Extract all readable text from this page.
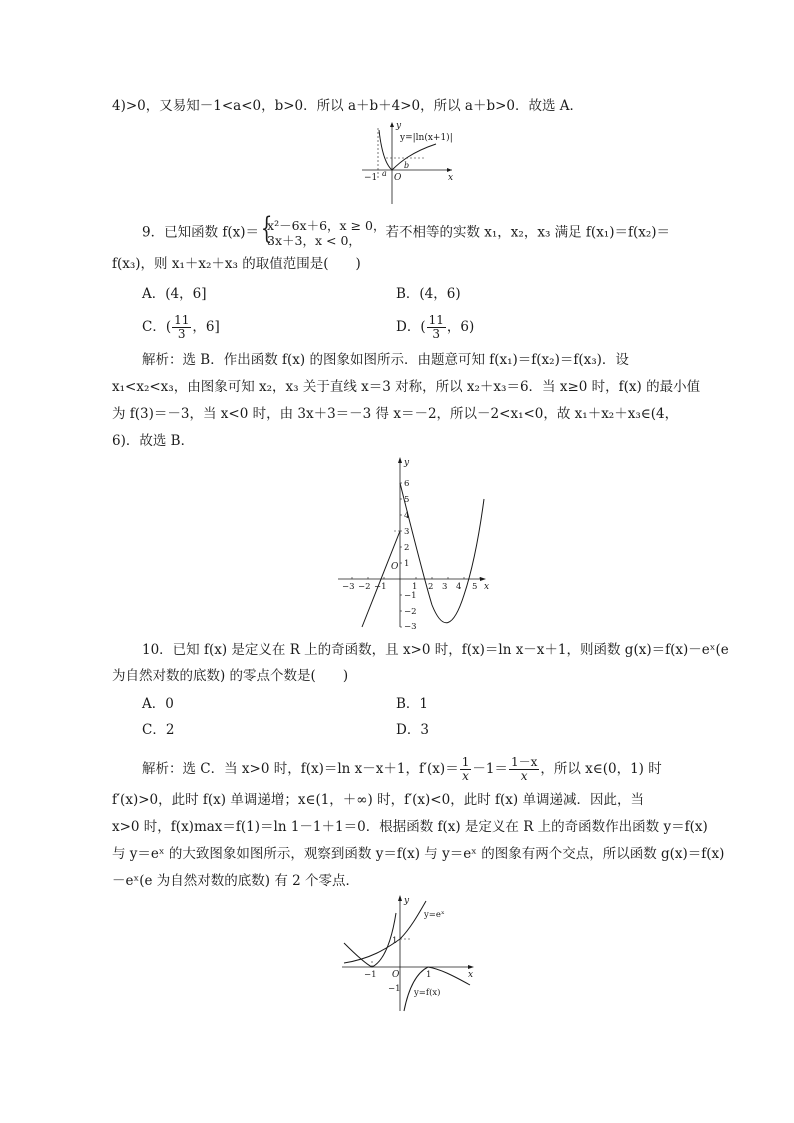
4)>0，又易知－1<a<0，b>0．所以 a＋b＋4>0，所以 a＋b>0．故选 A．
y=|ln(x+1)|
y
x
O
−1 a
b
9．已知函数 f(x)＝
{ x²－6x＋6，x ≥ 0，
3x＋3，x < 0，	若不相等的实数 x₁，x₂，x₃ 满足 f(x₁)＝f(x₂)＝
f(x₃)，则 x₁＋x₂＋x₃ 的取值范围是(　　)
A．(4，6]	B．(4，6)
C．( $\frac{11}{3}$ ，6]	D．( $\frac{11}{3}$ ，6)
解析：选 B．作出函数 f(x) 的图象如图所示．由题意可知 f(x₁)＝f(x₂)＝f(x₃)．设
x₁<x₂<x₃，由图象可知 x₂，x₃ 关于直线 x＝3 对称，所以 x₂＋x₃＝6．当 x≥0 时，f(x) 的最小值
为 f(3)＝－3，当 x<0 时，由 3x＋3＝－3 得 x＝－2，所以－2<x₁<0，故 x₁＋x₂＋x₃∈(4，
6)．故选 B．
y
x
O
−3 −2 −1	1 2 3 4 5
1
2
3
4
5
6
−1
−2
−3
10．已知 f(x) 是定义在 R 上的奇函数，且 x>0 时，f(x)＝ln x－x＋1，则函数 g(x)＝f(x)－eˣ(e
为自然对数的底数) 的零点个数是(　　)
A．0	B．1
C．2	D．3
解析：选 C．当 x>0 时，f(x)＝ln x－x＋1，$f'(x)= \frac{1}{x} -1= \frac{1-x}{x}$ ，所以 x∈(0，1) 时
f′(x)>0，此时 f(x) 单调递增；x∈(1，＋∞) 时，f′(x)<0，此时 f(x) 单调递减．因此，当
x>0 时，f(x)max＝f(1)＝ln 1－1＋1＝0．根据函数 f(x) 是定义在 R 上的奇函数作出函数 y＝f(x)
与 y＝eˣ 的大致图象如图所示，观察到函数 y＝f(x) 与 y＝eˣ 的图象有两个交点，所以函数 g(x)＝f(x)
－eˣ(e 为自然对数的底数) 有 2 个零点．
y
x
O
y=eˣ
y=f(x)
1
−1
−1	1
